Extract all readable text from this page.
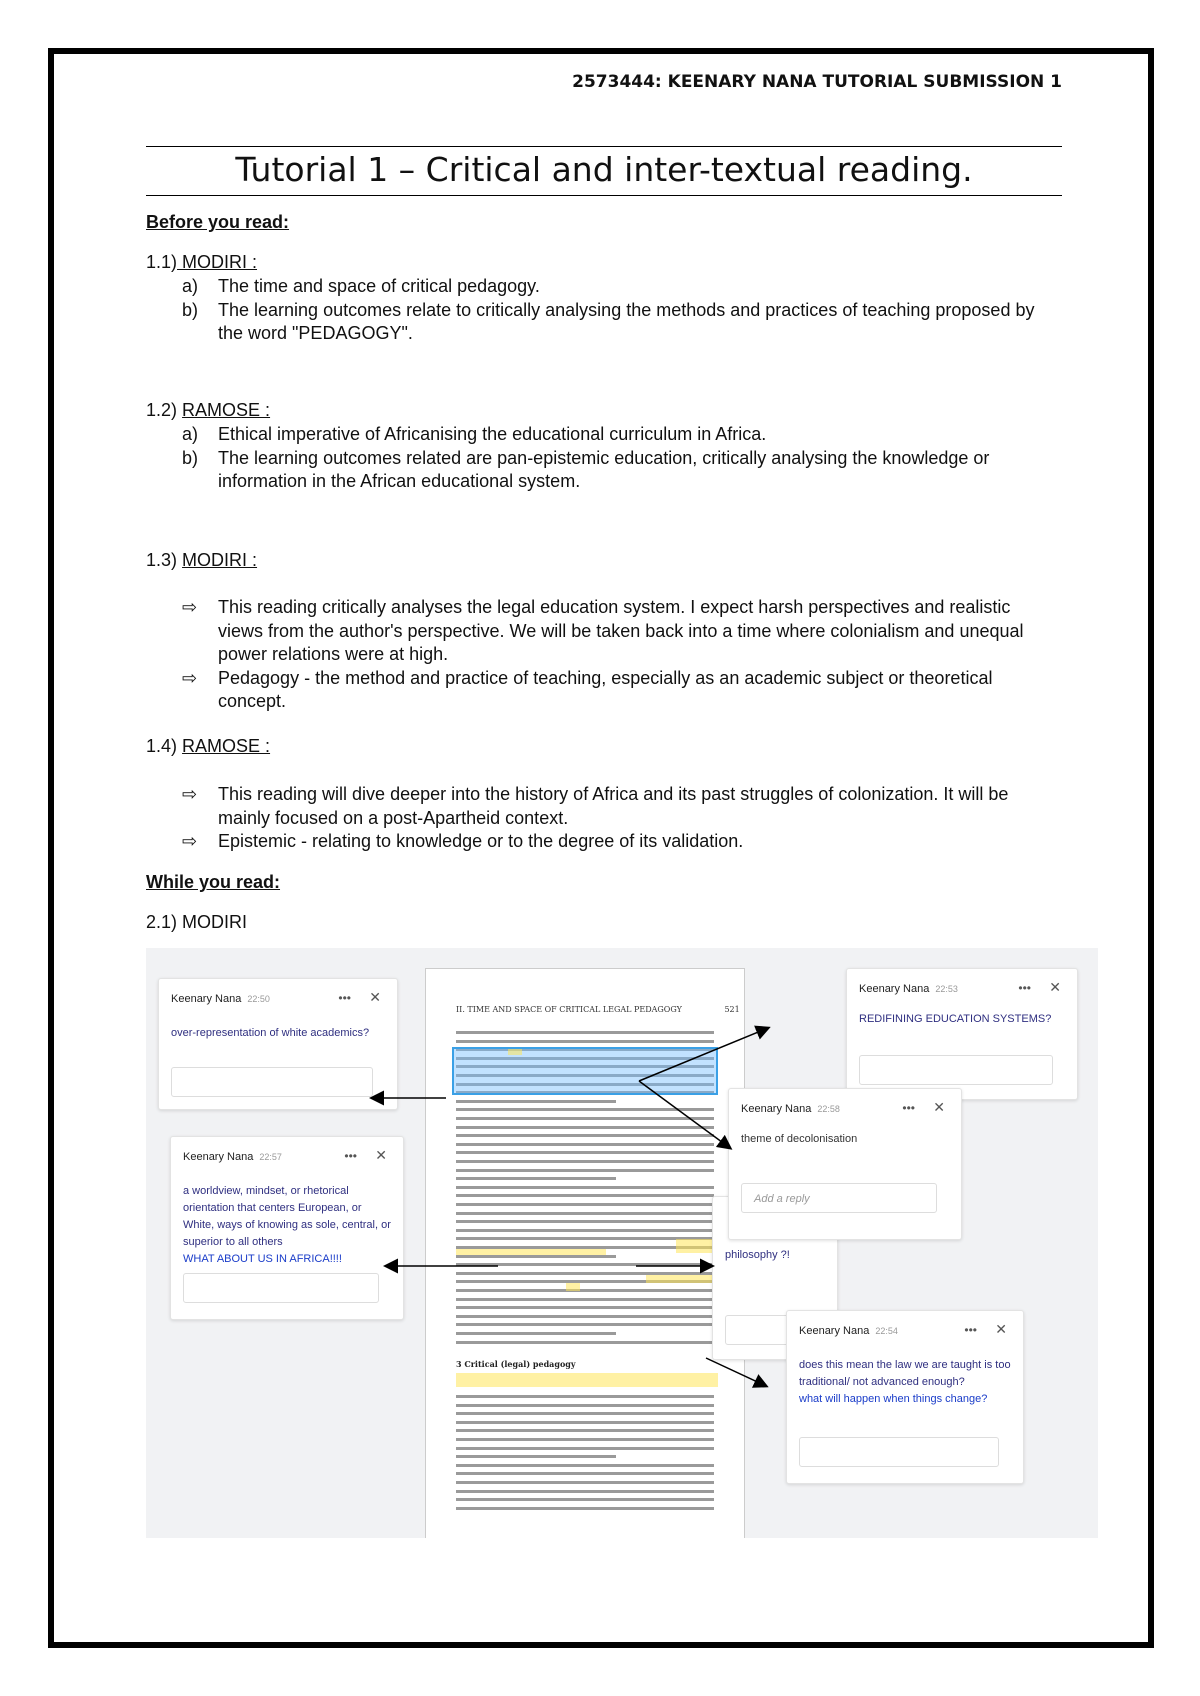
2573444: KEENARY NANA TUTORIAL SUBMISSION 1
Tutorial 1 – Critical and inter-textual reading.
Before you read:
1.1) MODIRI :
a) The time and space of critical pedagogy.
b) The learning outcomes relate to critically analysing the methods and practices of teaching proposed by the word "PEDAGOGY".
1.2) RAMOSE :
a) Ethical imperative of Africanising the educational curriculum in Africa.
b) The learning outcomes related are pan-epistemic education, critically analysing the knowledge or information in the African educational system.
1.3) MODIRI :
⇨ This reading critically analyses the legal education system. I expect harsh perspectives and realistic views from the author's perspective. We will be taken back into a time where colonialism and unequal power relations were at high.
⇨ Pedagogy - the method and practice of teaching, especially as an academic subject or theoretical concept.
1.4) RAMOSE :
⇨ This reading will dive deeper into the history of Africa and its past struggles of colonization. It will be mainly focused on a post-Apartheid context.
⇨ Epistemic - relating to knowledge or to the degree of its validation.
While you read:
2.1) MODIRI
II. TIME AND SPACE OF CRITICAL LEGAL PEDAGOGY	521
3 Critical (legal) pedagogy
Keenary Nana 22:50	••• ✕
over-representation of white academics?
Keenary Nana 22:57	••• ✕
a worldview, mindset, or rhetorical orientation that centers European, or White, ways of knowing as sole, central, or superior to all others
WHAT ABOUT US IN AFRICA!!!!
Keenary Nana 22:53	••• ✕
REDIFINING EDUCATION SYSTEMS?
philosophy ?!
Keenary Nana 22:58	••• ✕
theme of decolonisation
Add a reply
Keenary Nana 22:54	••• ✕
does this mean the law we are taught is too traditional/ not advanced enough?
what will happen when things change?
